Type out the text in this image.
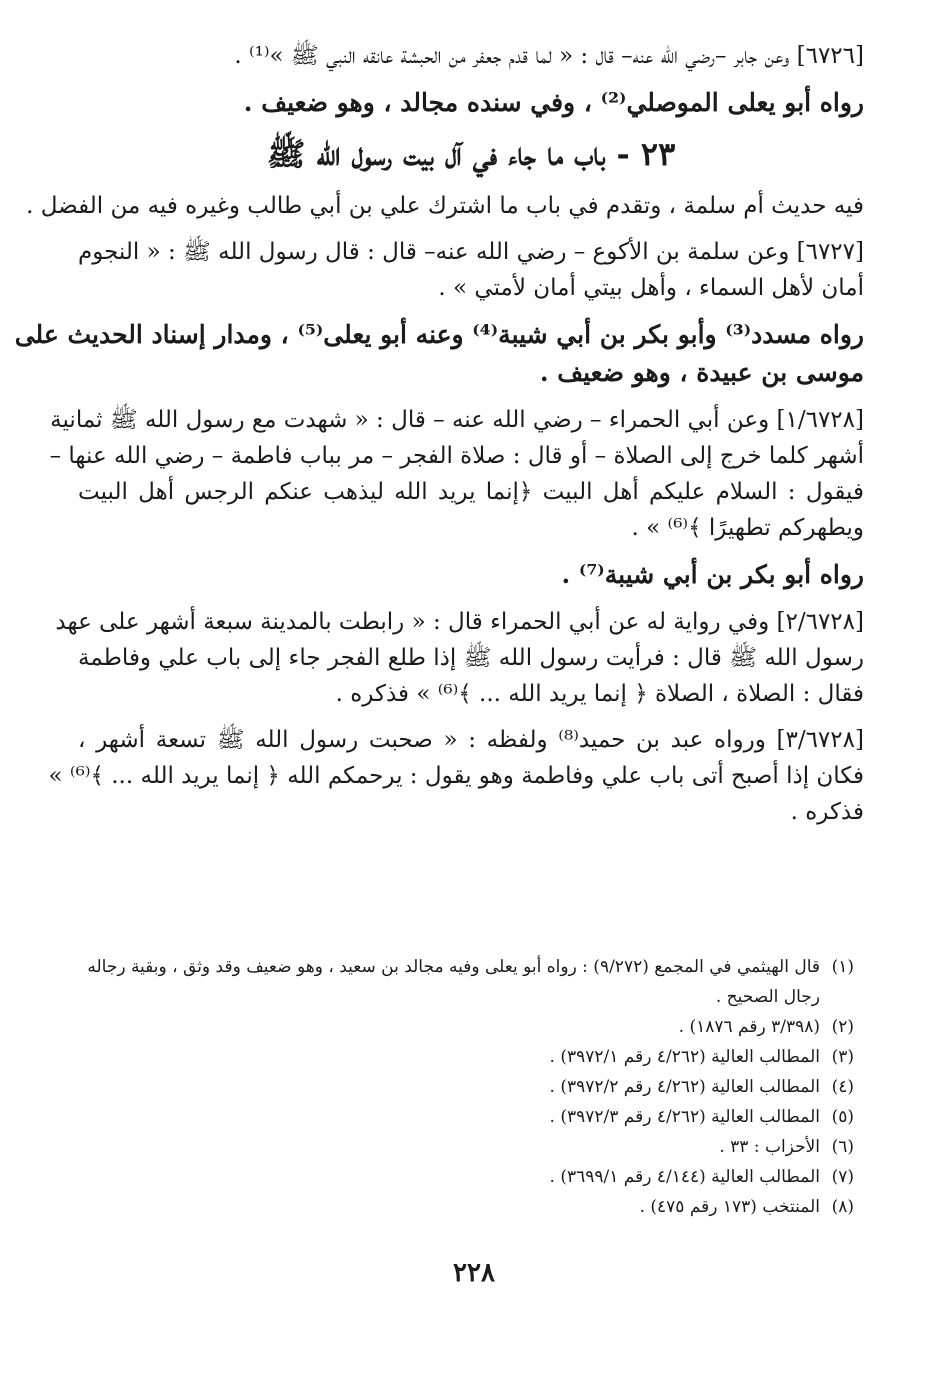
[٦٧٢٦] وعن جابر –رضي الله عنه– قال : « لما قدم جعفر من الحبشة عانقه النبي ﷺ »⁽¹⁾ .
رواه أبو يعلى الموصلي⁽²⁾ ، وفي سنده مجالد ، وهو ضعيف .
٢٣ - باب ما جاء في آل بيت رسول الله ﷺ
فيه حديث أم سلمة ، وتقدم في باب ما اشترك علي بن أبي طالب وغيره فيه من الفضل .
[٦٧٢٧] وعن سلمة بن الأكوع – رضي الله عنه– قال : قال رسول الله ﷺ : « النجوم
أمان لأهل السماء ، وأهل بيتي أمان لأمتي » .
رواه مسدد⁽³⁾ وأبو بكر بن أبي شيبة⁽⁴⁾ وعنه أبو يعلى⁽⁵⁾ ، ومدار إسناد الحديث على
موسى بن عبيدة ، وهو ضعيف .
[١/٦٧٢٨] وعن أبي الحمراء – رضي الله عنه – قال : « شهدت مع رسول الله ﷺ ثمانية
أشهر كلما خرج إلى الصلاة – أو قال : صلاة الفجر – مر بباب فاطمة – رضي الله عنها –
فيقول : السلام عليكم أهل البيت ﴿إنما يريد الله ليذهب عنكم الرجس أهل البيت
ويطهركم تطهيرًا ﴾⁽⁶⁾ » .
رواه أبو بكر بن أبي شيبة⁽⁷⁾ .
[٢/٦٧٢٨] وفي رواية له عن أبي الحمراء قال : « رابطت بالمدينة سبعة أشهر على عهد
رسول الله ﷺ قال : فرأيت رسول الله ﷺ إذا طلع الفجر جاء إلى باب علي وفاطمة
فقال : الصلاة ، الصلاة ﴿ إنما يريد الله ... ﴾⁽⁶⁾ » فذكره .
[٣/٦٧٢٨] ورواه عبد بن حميد⁽⁸⁾ ولفظه : « صحبت رسول الله ﷺ تسعة أشهر ،
فكان إذا أصبح أتى باب علي وفاطمة وهو يقول : يرحمكم الله ﴿ إنما يريد الله ... ﴾⁽⁶⁾ »
فذكره .
(١)قال الهيثمي في المجمع (٩/٢٧٢) : رواه أبو يعلى وفيه مجالد بن سعيد ، وهو ضعيف وقد وثق ، وبقية رجاله
رجال الصحيح .
(٢)(٣/٣٩٨ رقم ١٨٧٦) .
(٣)المطالب العالية (٤/٢٦٢ رقم ٣٩٧٢/١) .
(٤)المطالب العالية (٤/٢٦٢ رقم ٣٩٧٢/٢) .
(٥)المطالب العالية (٤/٢٦٢ رقم ٣٩٧٢/٣) .
(٦)الأحزاب : ٣٣ .
(٧)المطالب العالية (٤/١٤٤ رقم ٣٦٩٩/١) .
(٨)المنتخب (١٧٣ رقم ٤٧٥) .
٢٢٨
